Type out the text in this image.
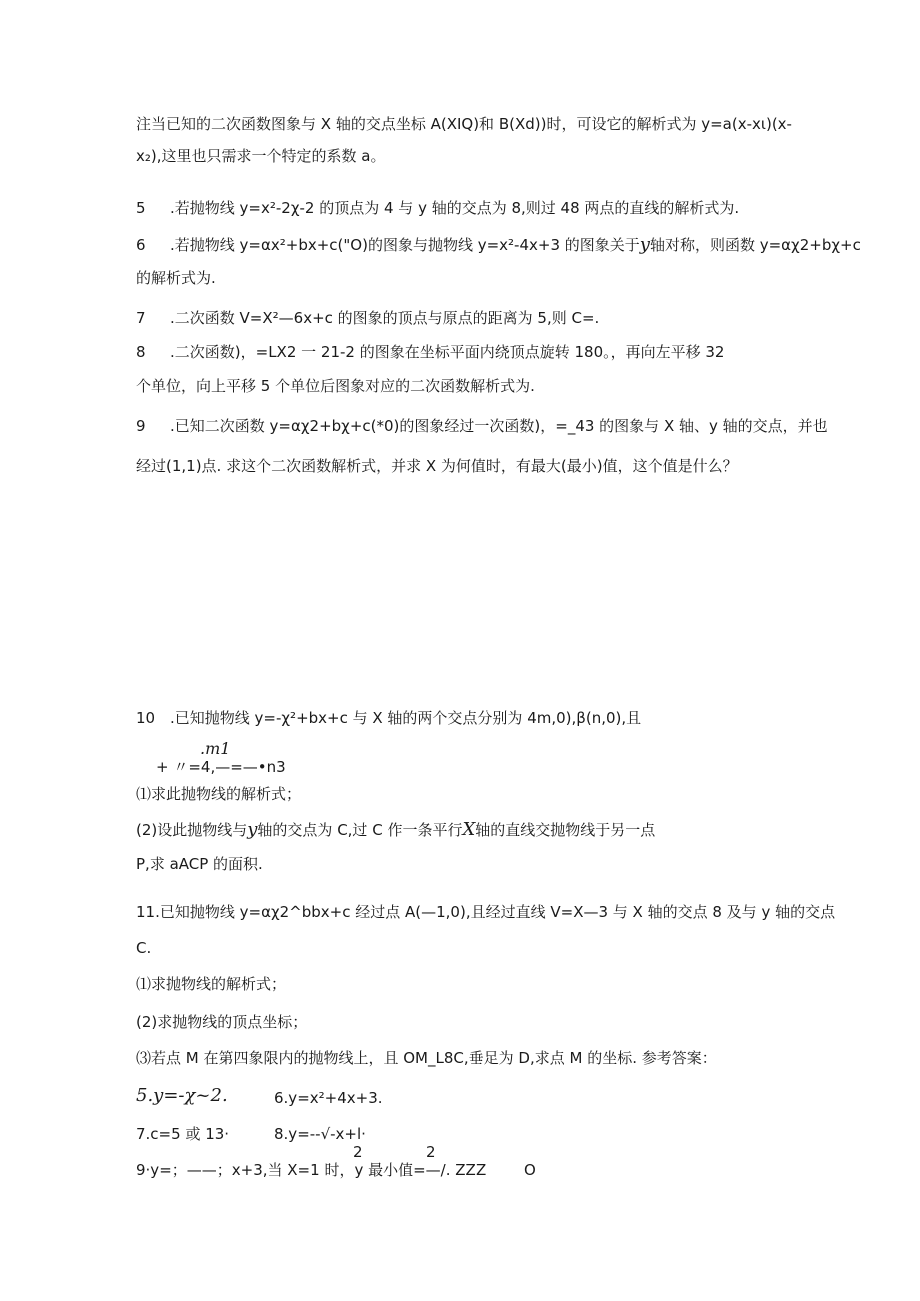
注当已知的二次函数图象与 X 轴的交点坐标 A(XIQ)和 B(Xd))时，可设它的解析式为 y=a(x-xι)(x-
x₂),这里也只需求一个特定的系数 a。
5 .若抛物线 y=x²-2χ-2 的顶点为 4 与 y 轴的交点为 8,则过 48 两点的直线的解析式为.
6 .若抛物线 y=αx²+bx+c("O)的图象与抛物线 y=x²-4x+3 的图象关于y轴对称，则函数 y=αχ2+bχ+c
的解析式为.
7 .二次函数 V=X²—6x+c 的图象的顶点与原点的距离为 5,则 C=.
8 .二次函数)，=LX2 一 21-2 的图象在坐标平面内绕顶点旋转 180。，再向左平移 32
个单位，向上平移 5 个单位后图象对应的二次函数解析式为.
9 .已知二次函数 y=αχ2+bχ+c(*0)的图象经过一次函数)，=_43 的图象与 X 轴、y 轴的交点，并也
经过(1,1)点. 求这个二次函数解析式，并求 X 为何值时，有最大(最小)值，这个值是什么？
10 .已知抛物线 y=-χ²+bx+c 与 X 轴的两个交点分别为 4m,0),β(n,0),且
.m1
+ 〃=4,—=—•n3
⑴求此抛物线的解析式；
(2)设此抛物线与y轴的交点为 C,过 C 作一条平行X轴的直线交抛物线于另一点
P,求 aACP 的面积.
11.已知抛物线 y=αχ2^bbx+c 经过点 A(—1,0),且经过直线 V=X—3 与 X 轴的交点 8 及与 y 轴的交点
C.
⑴求抛物线的解析式；
(2)求抛物线的顶点坐标；
⑶若点 M 在第四象限内的抛物线上，且 OM_L8C,垂足为 D,求点 M 的坐标. 参考答案：
5.y=-χ~2.	6.y=x²+4x+3.
7.c=5 或 13·	8.y=--√-x+l·
2	2
9·y=；——；x+3,当 X=1 时，y 最小值=—/. ZZ Z	O
